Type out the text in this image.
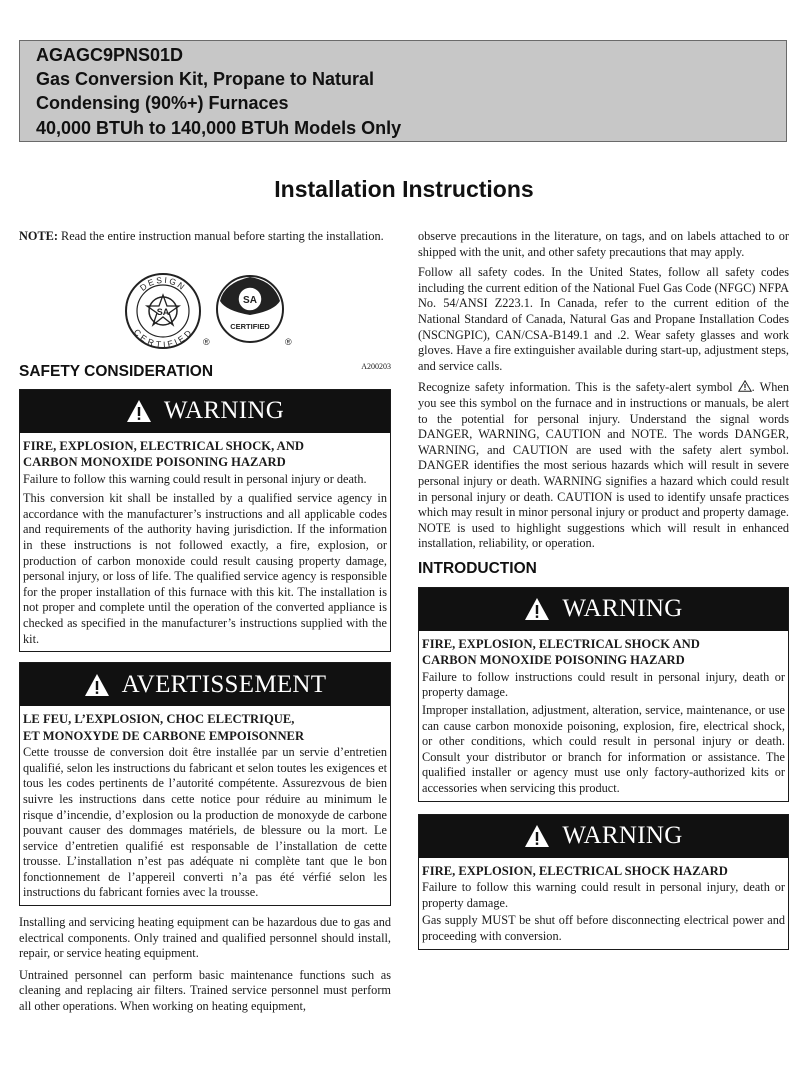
AGAGC9PNS01D
Gas Conversion Kit, Propane to Natural
Condensing (90%+) Furnaces
40,000 BTUh to 140,000 BTUh Models Only
Installation Instructions

NOTE: Read the entire instruction manual before starting the installation.

DESIGN
CERTIFIED
SA
®
SA
CERTIFIED
®
A200203
SAFETY CONSIDERATION
WARNING
FIRE, EXPLOSION, ELECTRICAL SHOCK, AND
CARBON MONOXIDE POISONING HAZARD

Failure to follow this warning could result in personal injury or death.

This conversion kit shall be installed by a qualified service agency in accordance with the manufacturer’s instructions and all applicable codes and requirements of the authority having jurisdiction. If the information in these instructions is not followed exactly, a fire, explosion, or production of carbon monoxide could result causing property damage, personal injury, or loss of life. The qualified service agency is responsible for the proper installation of this furnace with this kit. The installation is not proper and complete until the operation of the converted appliance is checked as specified in the manufacturer’s instructions supplied with the kit.

AVERTISSEMENT
LE FEU, L’EXPLOSION, CHOC ELECTRIQUE,
ET MONOXYDE DE CARBONE EMPOISONNER

Cette trousse de conversion doit être installée par un servie d’entretien qualifié, selon les instructions du fabricant et selon toutes les exigences et tous les codes pertinents de l’autorité compétente. Assurezvous de bien suivre les instructions dans cette notice pour réduire au minimum le risque d’incendie, d’explosion ou la production de monoxyde de carbone pouvant causer des dommages matériels, de blessure ou la mort. Le service d’entretien qualifié est responsable de l’installation de cette trousse. L’installation n’est pas adéquate ni complète tant que le bon fonctionnement de l’appereil converti n’a pas été vérfié selon les instructions du fabricant fornies avec la trousse.

Installing and servicing heating equipment can be hazardous due to gas and electrical components. Only trained and qualified personnel should install, repair, or service heating equipment.

Untrained personnel can perform basic maintenance functions such as cleaning and replacing air filters. Trained service personnel must perform all other operations. When working on heating equipment,

observe precautions in the literature, on tags, and on labels attached to or shipped with the unit, and other safety precautions that may apply.

Follow all safety codes. In the United States, follow all safety codes including the current edition of the National Fuel Gas Code (NFGC) NFPA No. 54/ANSI Z223.1. In Canada, refer to the current edition of the National Standard of Canada, Natural Gas and Propane Installation Codes (NSCNGPIC), CAN/CSA-B149.1 and .2. Wear safety glasses and work gloves. Have a fire extinguisher available during start-up, adjustment steps, and service calls.

Recognize safety information. This is the safety-alert symbol . When you see this symbol on the furnace and in instructions or manuals, be alert to the potential for personal injury. Understand the signal words DANGER, WARNING, CAUTION and NOTE. The words DANGER, WARNING, and CAUTION are used with the safety alert symbol. DANGER identifies the most serious hazards which will result in severe personal injury or death. WARNING signifies a hazard which could result in personal injury or death. CAUTION is used to identify unsafe practices which may result in minor personal injury or product and property damage. NOTE is used to highlight suggestions which will result in enhanced installation, reliability, or operation.

INTRODUCTION
WARNING
FIRE, EXPLOSION, ELECTRICAL SHOCK AND
CARBON MONOXIDE POISONING HAZARD

Failure to follow instructions could result in personal injury, death or property damage.

Improper installation, adjustment, alteration, service, maintenance, or use can cause carbon monoxide poisoning, explosion, fire, electrical shock, or other conditions, which could result in personal injury or death. Consult your distributor or branch for information or assistance. The qualified installer or agency must use only factory-authorized kits or accessories when servicing this product.

WARNING
FIRE, EXPLOSION, ELECTRICAL SHOCK HAZARD

Failure to follow this warning could result in personal injury, death or property damage.

Gas supply MUST be shut off before disconnecting electrical power and proceeding with conversion.
